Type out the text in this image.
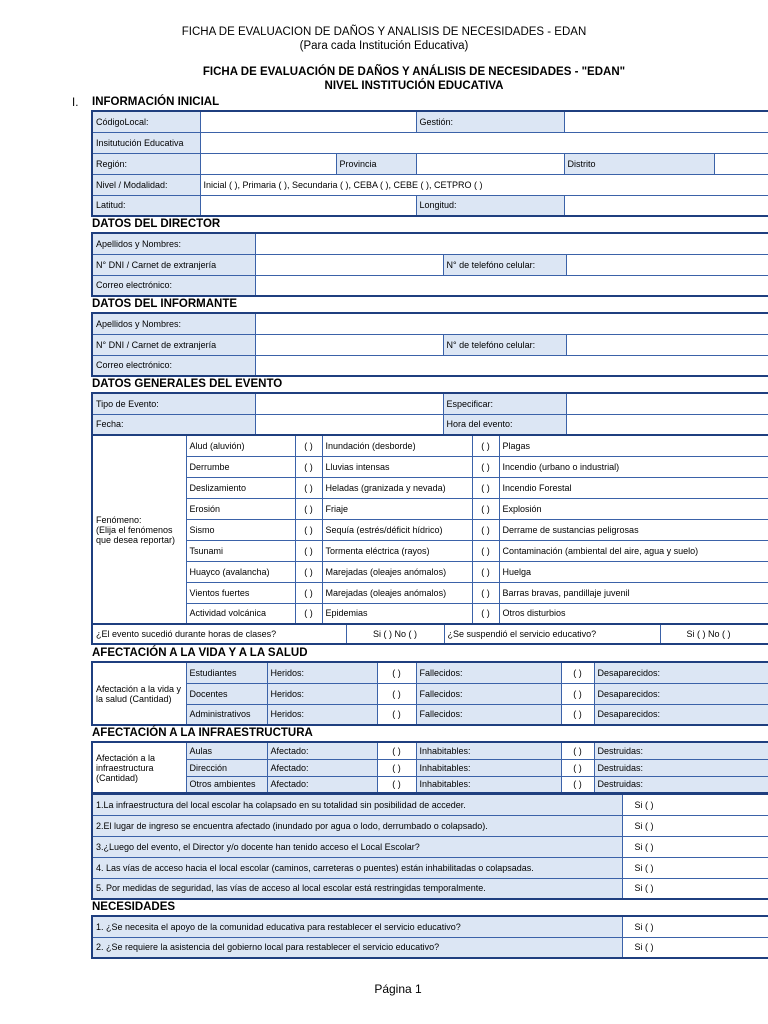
FICHA DE EVALUACION DE DAÑOS Y ANALISIS DE NECESIDADES - EDAN
(Para cada Institución Educativa)
FICHA DE EVALUACIÓN DE DAÑOS Y ANÁLISIS DE NECESIDADES - "EDAN"
NIVEL INSTITUCIÓN EDUCATIVA
I. INFORMACIÓN INICIAL
CódigoLocal:			Gestión:		
Insitutución Educativa					
Región:		Provincia		Distrito	
Nivel / Modalidad:	Inicial ( ), Primaria ( ), Secundaria ( ), CEBA ( ), CEBE ( ), CETPRO ( )				
Latitud:			Longitud:		
DATOS DEL DIRECTOR
Apellidos y Nombres:			
N° DNI / Carnet de extranjería		N° de telefóno celular:	
Correo electrónico:			
DATOS DEL INFORMANTE
Apellidos y Nombres:			
N° DNI / Carnet de extranjería		N° de telefóno celular:	
Correo electrónico:			
DATOS GENERALES DEL EVENTO
Tipo de Evento:		Especificar:	
Fecha:		Hora del evento:	
Fenómeno:
(Elija el fenómenos que desea reportar)	Alud (aluvión)	( )	Inundación (desborde)	( )	Plagas
	Derrumbe	( )	Lluvias intensas	( )	Incendio (urbano o industrial)
	Deslizamiento	( )	Heladas (granizada y nevada)	( )	Incendio Forestal
	Erosión	( )	Friaje	( )	Explosión
	Sismo	( )	Sequía (estrés/déficit hídrico)	( )	Derrame de sustancias peligrosas
	Tsunami	( )	Tormenta eléctrica (rayos)	( )	Contaminación (ambiental del aire, agua y suelo)
	Huayco (avalancha)	( )	Marejadas (oleajes anómalos)	( )	Huelga
	Vientos fuertes	( )	Marejadas (oleajes anómalos)	( )	Barras bravas, pandillaje juvenil
	Actividad volcánica	( )	Epidemias	( )	Otros disturbios
¿El evento sucedió durante horas de clases?	Si ( ) No ( )	¿Se suspendió el servicio educativo?	Si ( ) No ( )
AFECTACIÓN A LA VIDA Y A LA SALUD
Afectación a la vida y la salud (Cantidad)	Estudiantes	Heridos:	( )	Fallecidos:	( )	Desaparecidos:
	Docentes	Heridos:	( )	Fallecidos:	( )	Desaparecidos:
	Administrativos	Heridos:	( )	Fallecidos:	( )	Desaparecidos:
AFECTACIÓN A LA INFRAESTRUCTURA
Afectación a la infraestructura (Cantidad)	Aulas	Afectado:	( )	Inhabitables:	( )	Destruidas:
	Dirección	Afectado:	( )	Inhabitables:	( )	Destruidas:
	Otros ambientes	Afectado:	( )	Inhabitables:	( )	Destruidas:
1.La infraestructura del local escolar ha colapsado en su totalidad sin posibilidad de acceder.	Si ( )
2.El lugar de ingreso se encuentra afectado (inundado por agua o lodo, derrumbado o colapsado).	Si ( )
3.¿Luego del evento, el Director y/o docente han tenido acceso el Local Escolar?	Si ( )
4. Las vías de acceso hacia el local escolar (caminos, carreteras o puentes) están inhabilitadas o colapsadas.	Si ( )
5. Por medidas de seguridad, las vías de acceso al local escolar está restringidas temporalmente.	Si ( )
NECESIDADES
1. ¿Se necesita el apoyo de la comunidad educativa para restablecer el servicio educativo?	Si ( )
2. ¿Se requiere la asistencia del gobierno local para restablecer el servicio educativo?	Si ( )
Página 1
